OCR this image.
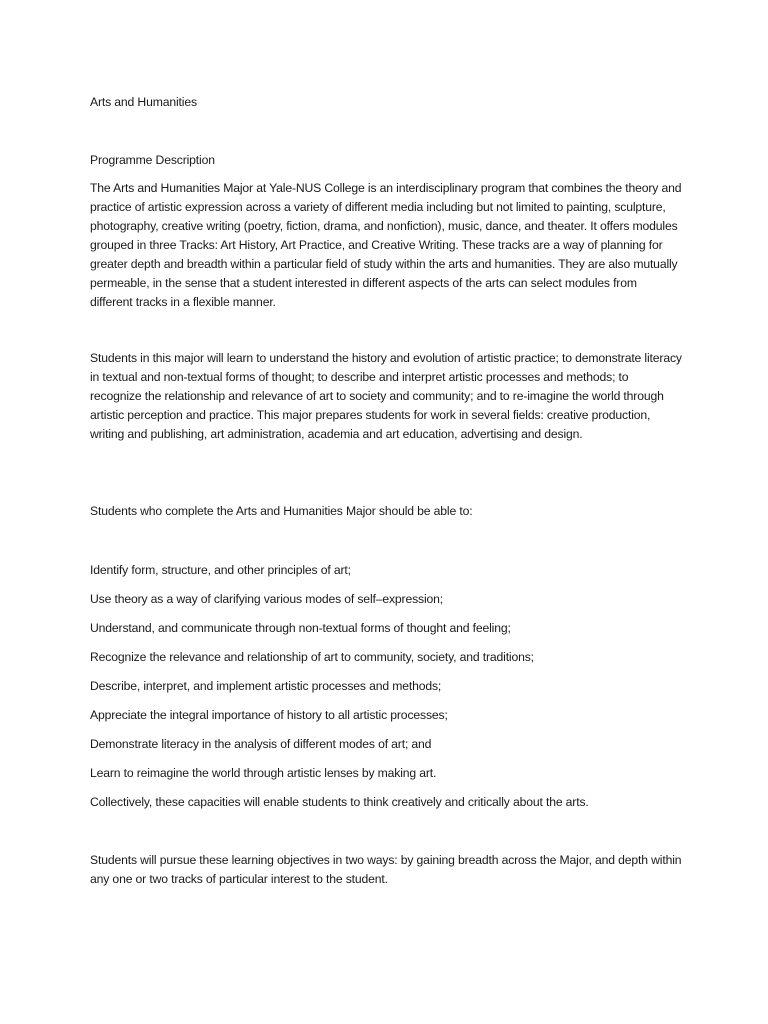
Arts and Humanities

Programme Description

The Arts and Humanities Major at Yale-NUS College is an interdisciplinary program that combines the theory and practice of artistic expression across a variety of different media including but not limited to painting, sculpture, photography, creative writing (poetry, fiction, drama, and nonfiction), music, dance, and theater. It offers modules grouped in three Tracks: Art History, Art Practice, and Creative Writing. These tracks are a way of planning for greater depth and breadth within a particular field of study within the arts and humanities. They are also mutually permeable, in the sense that a student interested in different aspects of the arts can select modules from different tracks in a flexible manner.

Students in this major will learn to understand the history and evolution of artistic practice; to demonstrate literacy in textual and non-textual forms of thought; to describe and interpret artistic processes and methods; to recognize the relationship and relevance of art to society and community; and to re-imagine the world through artistic perception and practice. This major prepares students for work in several fields: creative production, writing and publishing, art administration, academia and art education, advertising and design.

Students who complete the Arts and Humanities Major should be able to:

Identify form, structure, and other principles of art;

Use theory as a way of clarifying various modes of self–expression;

Understand, and communicate through non-textual forms of thought and feeling;

Recognize the relevance and relationship of art to community, society, and traditions;

Describe, interpret, and implement artistic processes and methods;

Appreciate the integral importance of history to all artistic processes;

Demonstrate literacy in the analysis of different modes of art; and

Learn to reimagine the world through artistic lenses by making art.

Collectively, these capacities will enable students to think creatively and critically about the arts.

Students will pursue these learning objectives in two ways: by gaining breadth across the Major, and depth within any one or two tracks of particular interest to the student.
